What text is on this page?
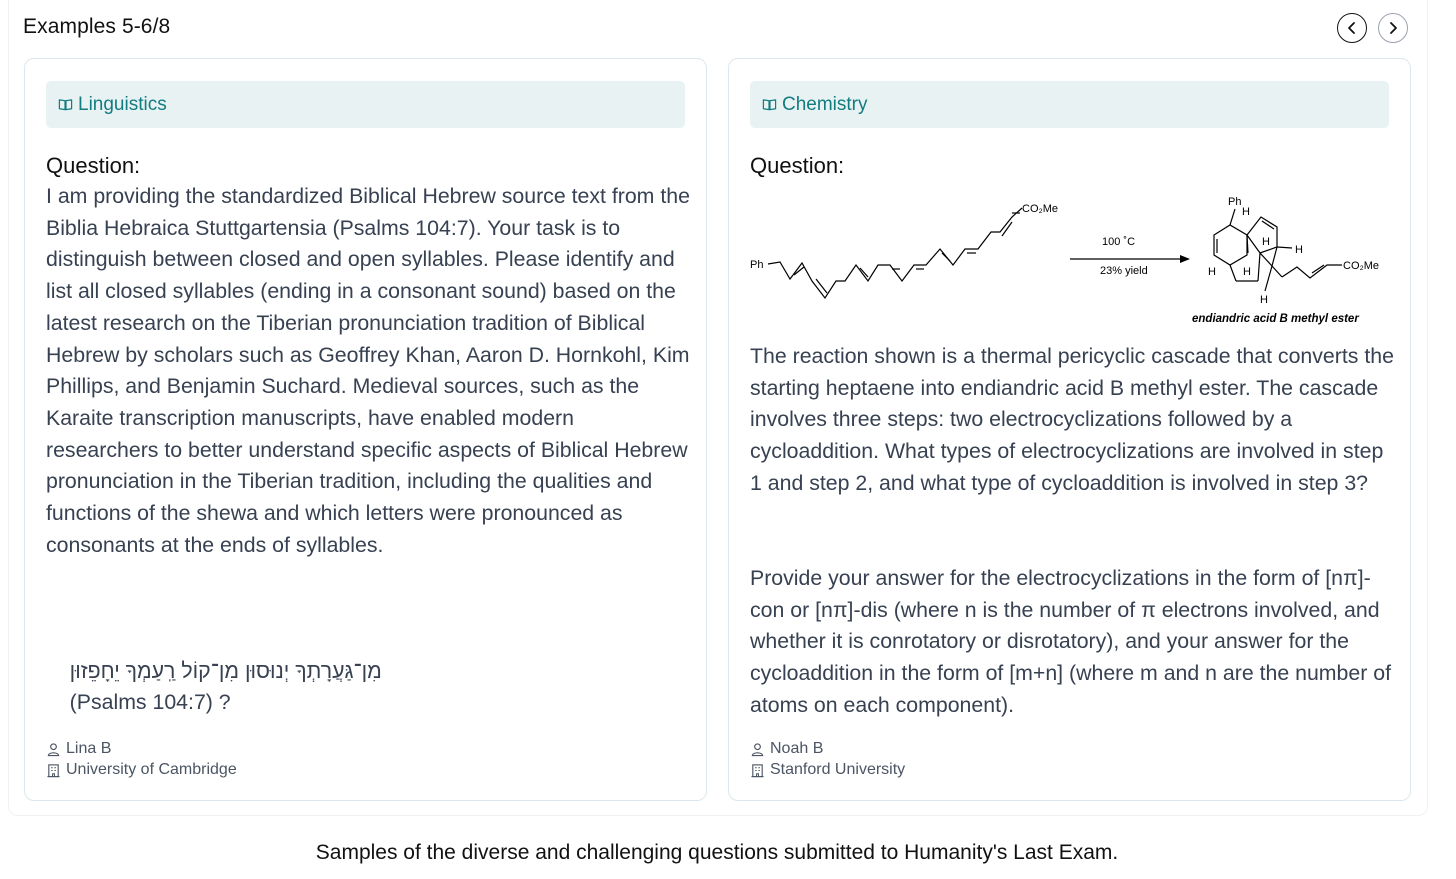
Examples 5-6/8
Linguistics
Question:

I am providing the standardized Biblical Hebrew source text from the Biblia Hebraica Stuttgartensia (Psalms 104:7). Your task is to distinguish between closed and open syllables. Please identify and list all closed syllables (ending in a consonant sound) based on the latest research on the Tiberian pronunciation tradition of Biblical Hebrew by scholars such as Geoffrey Khan, Aaron D. Hornkohl, Kim Phillips, and Benjamin Suchard. Medieval sources, such as the Karaite transcription manuscripts, have enabled modern researchers to better understand specific aspects of Biblical Hebrew pronunciation in the Tiberian tradition, including the qualities and functions of the shewa and which letters were pronounced as consonants at the ends of syllables.

מִן־גַּעֲרָתְךָ יְנוּסוּן מִן־קוֹל רַֽעַמְךָ יֵחָפֵזוּן
(Psalms 104:7) ?

Lina B
University of Cambridge
Chemistry
Question:
Ph
CO₂Me
100 ˚C
23% yield
Ph
H
H
H
H H
H
CO₂Me
endiandric acid B methyl ester

The reaction shown is a thermal pericyclic cascade that converts the starting heptaene into endiandric acid B methyl ester. The cascade involves three steps: two electrocyclizations followed by a cycloaddition. What types of electrocyclizations are involved in step 1 and step 2, and what type of cycloaddition is involved in step 3?

Provide your answer for the electrocyclizations in the form of [nπ]-con or [nπ]-dis (where n is the number of π electrons involved, and whether it is conrotatory or disrotatory), and your answer for the cycloaddition in the form of [m+n] (where m and n are the number of atoms on each component).

Noah B
Stanford University
Samples of the diverse and challenging questions submitted to Humanity's Last Exam.
